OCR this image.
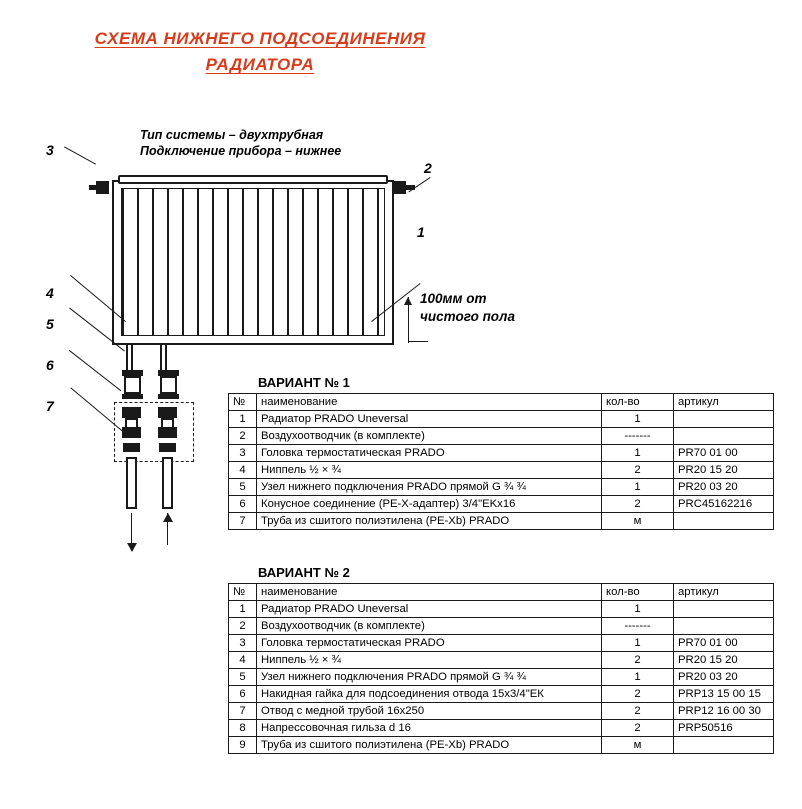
СХЕМА НИЖНЕГО ПОДСОЕДИНЕНИЯ
РАДИАТОРА
Тип системы – двухтрубная
Подключение прибора – нижнее
100мм от
чистого пола
1
2
3
4
5
6
7
ВАРИАНТ № 1
№	наименование	кол-во	артикул
1	Радиатор PRADO Uneversal	1	
2	Воздухоотводчик (в комплекте)	-------	
3	Головка термостатическая PRADO	1	PR70 01 00
4	Ниппель ½ × ¾	2	PR20 15 20
5	Узел нижнего подключения PRADO прямой G ¾ ¾	1	PR20 03 20
6	Конусное соединение (PE-X-адаптер) 3/4"EKx16	2	PRC45162216
7	Труба из сшитого полиэтилена (PE-Xb) PRADO	м	
ВАРИАНТ № 2
№	наименование	кол-во	артикул
1	Радиатор PRADO Uneversal	1	
2	Воздухоотводчик (в комплекте)	-------	
3	Головка термостатическая PRADO	1	PR70 01 00
4	Ниппель ½ × ¾	2	PR20 15 20
5	Узел нижнего подключения PRADO прямой G ¾ ¾	1	PR20 03 20
6	Накидная гайка для подсоединения отвода 15х3/4"ЕК	2	PRP13 15 00 15
7	Отвод с медной трубой 16х250	2	PRP12 16 00 30
8	Напрессовочная гильза d 16	2	PRP50516
9	Труба из сшитого полиэтилена (PE-Xb) PRADO	м	
